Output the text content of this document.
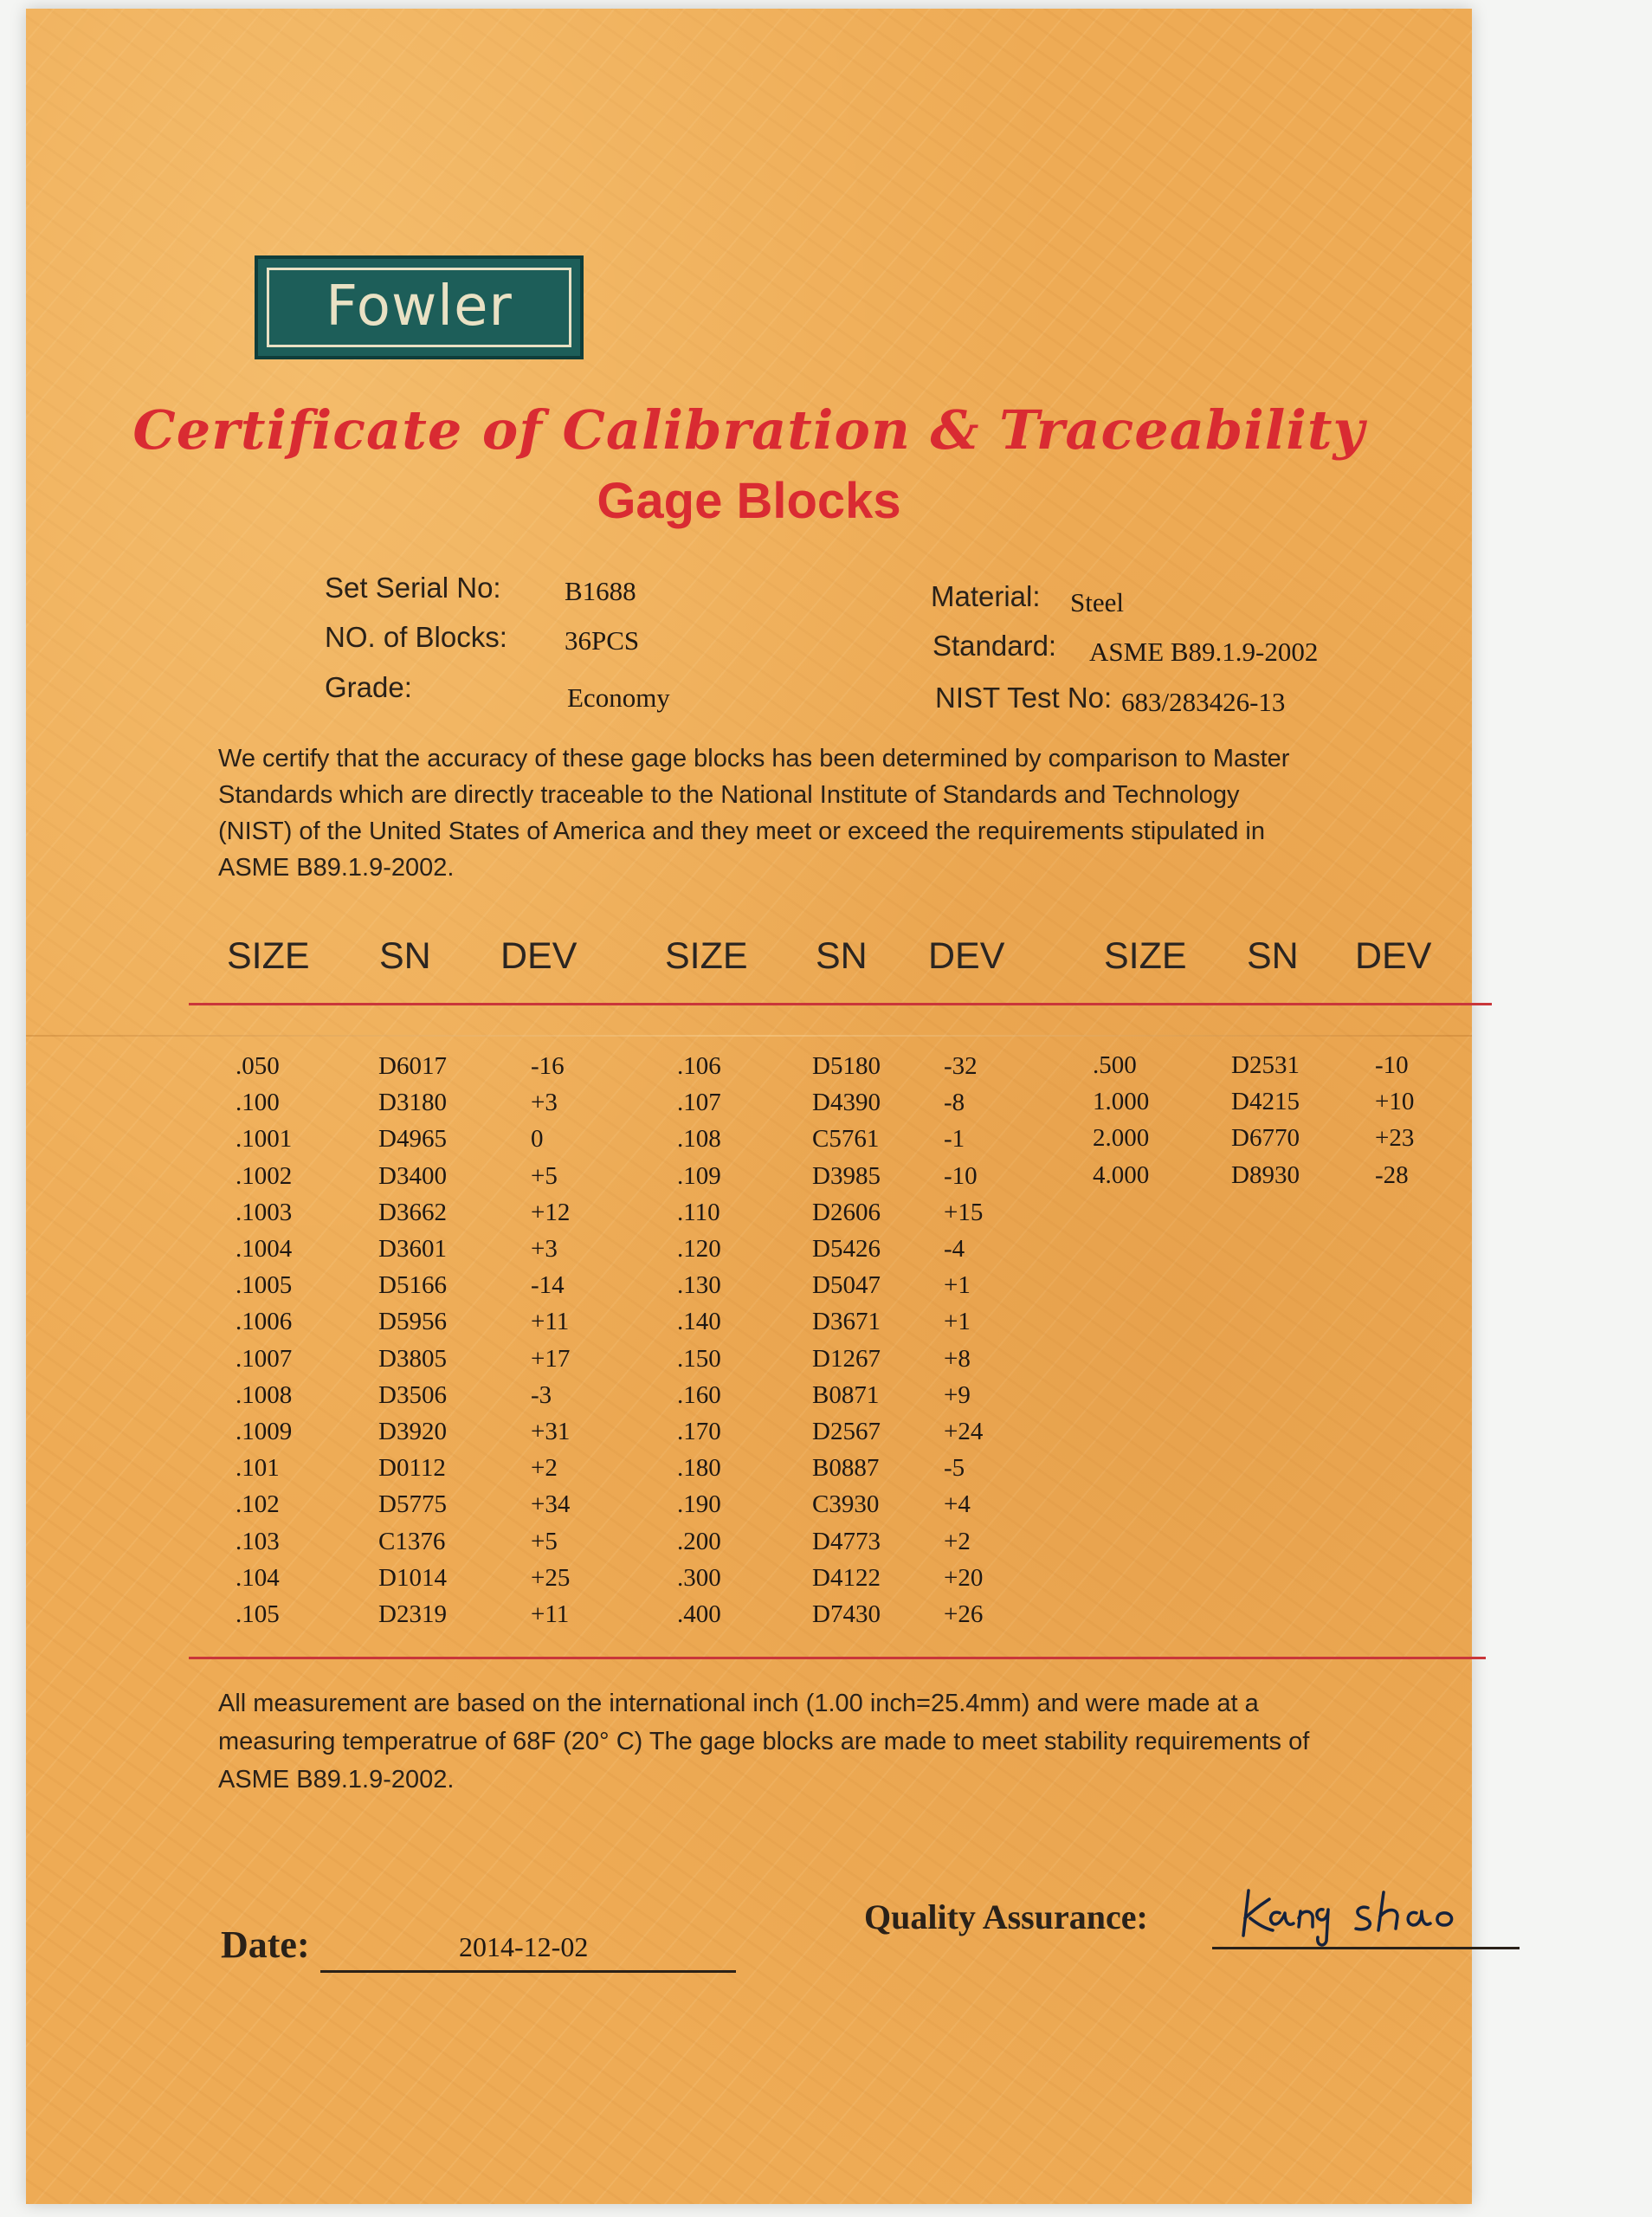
Fowler
Certificate of Calibration & Traceability
Gage Blocks
Set Serial No: B1688
NO. of Blocks: 36PCS
Grade:	Economy
Material: Steel
Standard: ASME B89.1.9-2002
NIST Test No: 683/283426-13
We certify that the accuracy of these gage blocks has been determined by comparison to Master
Standards which are directly traceable to the National Institute of Standards and Technology
(NIST) of the United States of America and they meet or exceed the requirements stipulated in
ASME B89.1.9-2002.
SIZE SN DEV SIZE SN DEV	SIZE SN DEV
.050	D6017	-16
.100	D3180	+3
.1001	D4965	0
.1002	D3400	+5
.1003	D3662	+12
.1004	D3601	+3
.1005	D5166	-14
.1006	D5956	+11
.1007	D3805	+17
.1008	D3506	-3
.1009	D3920	+31
.101	D0112	+2
.102	D5775	+34
.103	C1376	+5
.104	D1014	+25
.105	D2319	+11
.106	D5180	-32
.107	D4390	-8
.108	C5761	-1
.109	D3985	-10
.110	D2606	+15
.120	D5426	-4
.130	D5047	+1
.140	D3671	+1
.150	D1267	+8
.160	B0871	+9
.170	D2567	+24
.180	B0887	-5
.190	C3930	+4
.200	D4773	+2
.300	D4122	+20
.400	D7430	+26
.500	D2531	-10
1.000	D4215	+10
2.000	D6770	+23
4.000	D8930	-28
All measurement are based on the international inch (1.00 inch=25.4mm) and were made at a
measuring temperatrue of 68F (20° C) The gage blocks are made to meet stability requirements of
ASME B89.1.9-2002.
Date:	2014-12-02
Quality Assurance:
